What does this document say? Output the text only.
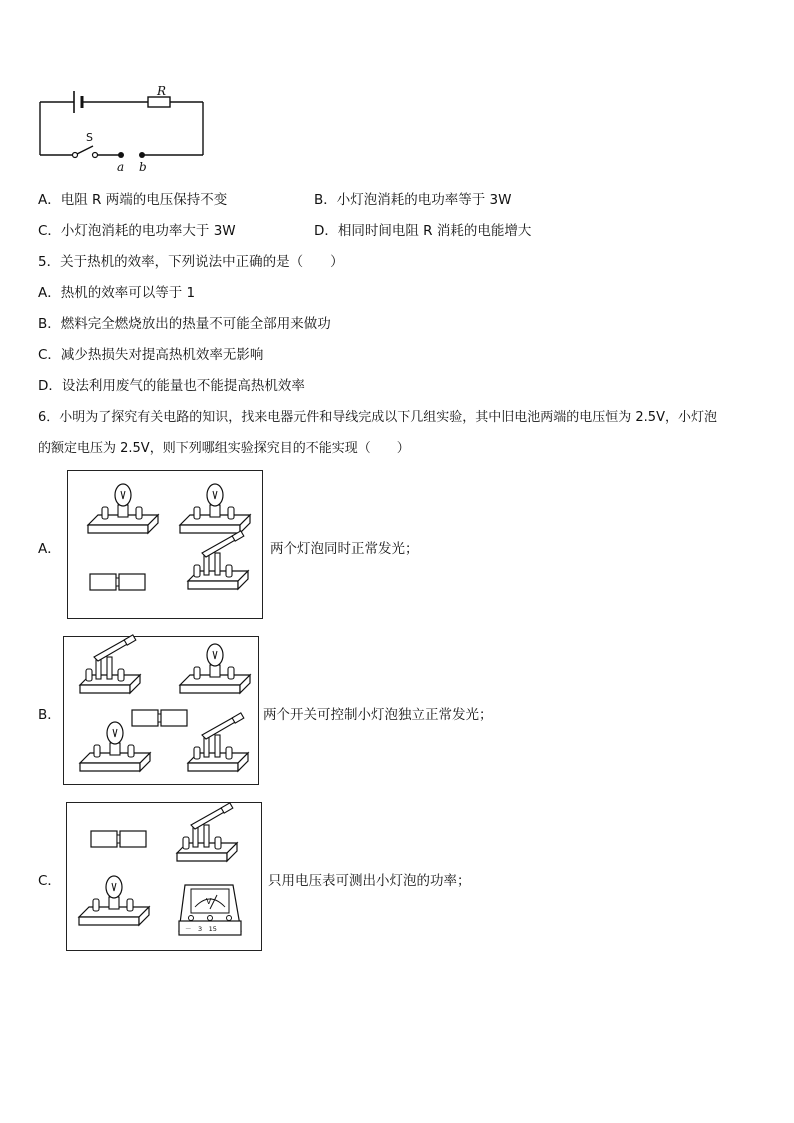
R
S
a b
A．电阻 R 两端的电压保持不变	B．小灯泡消耗的电功率等于 3W
C．小灯泡消耗的电功率大于 3W	D．相同时间电阻 R 消耗的电能增大
5．关于热机的效率，下列说法中正确的是（　　）
A．热机的效率可以等于 1
B．燃料完全燃烧放出的热量不可能全部用来做功
C．减少热损失对提高热机效率无影响
D．设法利用废气的能量也不能提高热机效率
6．小明为了探究有关电路的知识，找来电器元件和导线完成以下几组实验，其中旧电池两端的电压恒为 2.5V，小灯泡
的额定电压为 2.5V，则下列哪组实验探究目的不能实现（　　）
A．	两个灯泡同时正常发光；
B．	两个开关可控制小灯泡独立正常发光；
C．
V
－　3　15
只用电压表可测出小灯泡的功率；
